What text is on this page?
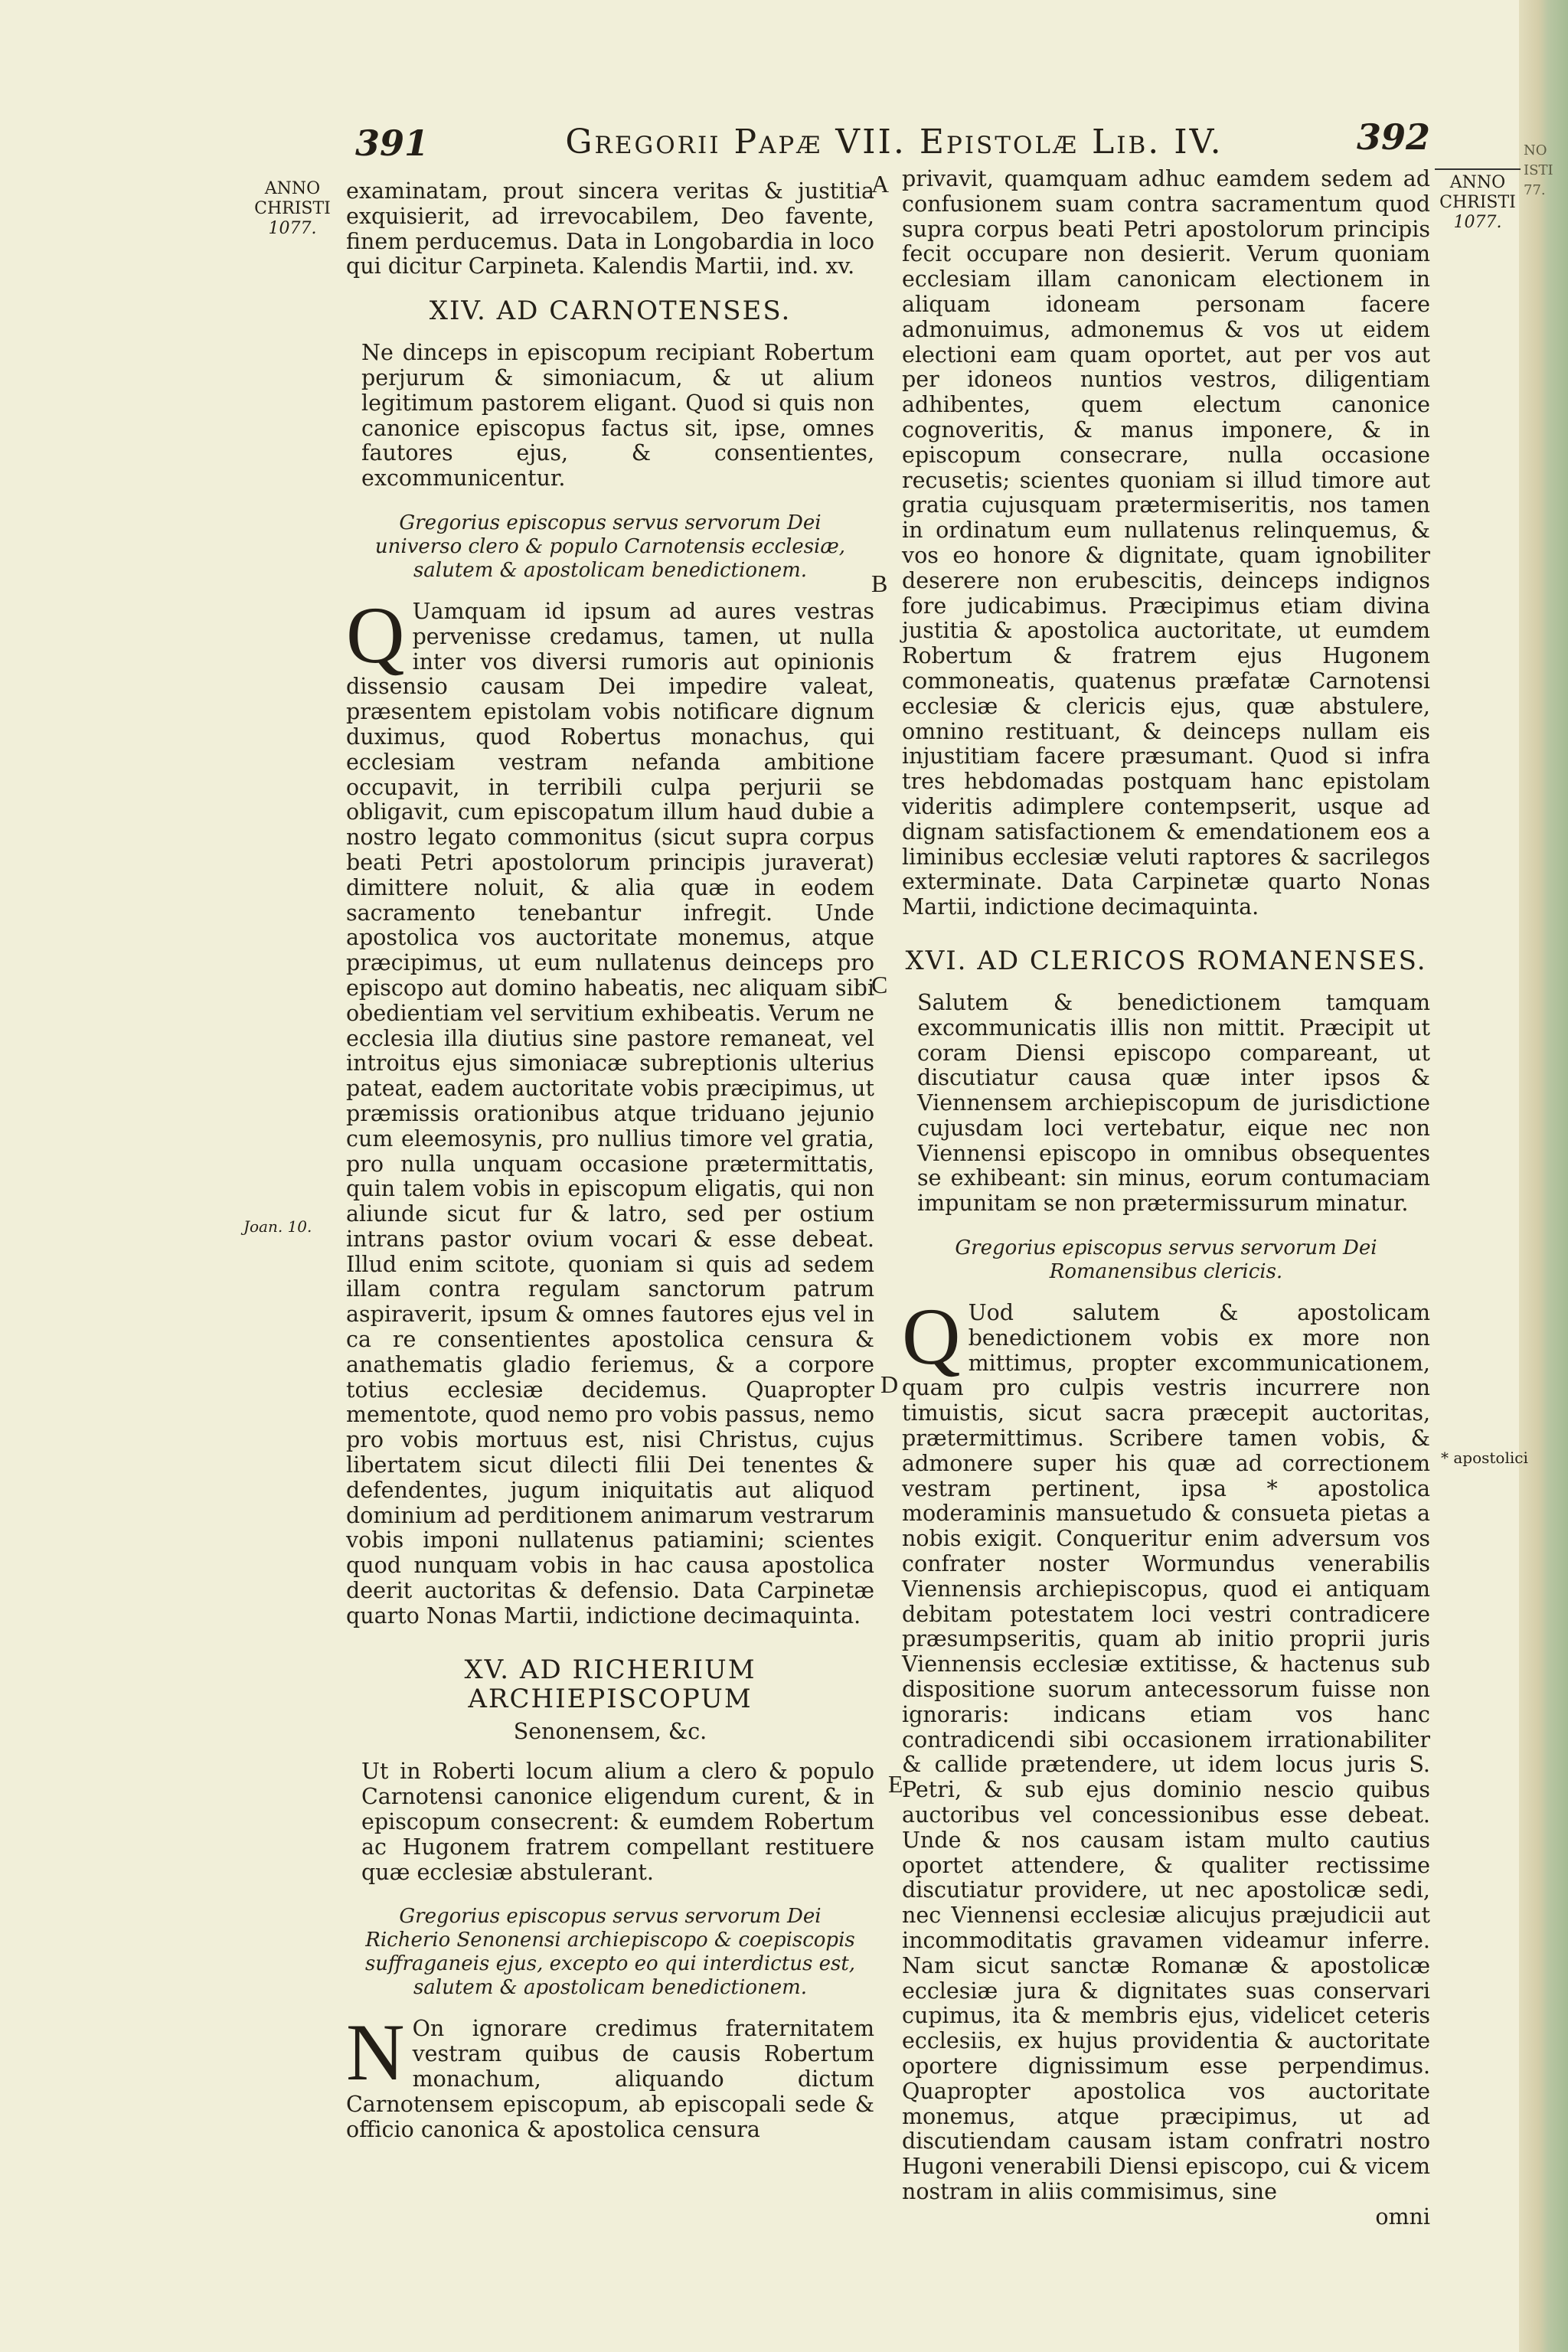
NO
ISTI
77.
391	Gregorii Papæ VII. Epistolæ Lib. IV.	392
ANNO
CHRISTI
1077.
ANNO
CHRISTI
1077.
A
B
C
D
E
Joan. 10.
* apostolici

examinatam, prout sincera veritas & justitia exquisierit, ad irrevocabilem, Deo favente, finem perducemus. Data in Longobardia in loco qui dicitur Carpineta. Kalendis Martii, ind. xv.

XIV. AD CARNOTENSES.

Ne dinceps in episcopum recipiant Robertum perjurum & simoniacum, & ut alium legitimum pastorem eligant. Quod si quis non canonice episcopus factus sit, ipse, omnes fautores ejus, & consentientes, excommunicentur.

Gregorius episcopus servus servorum Dei universo clero & populo Carnotensis ecclesiæ, salutem & apostolicam benedictionem.

Q Uamquam id ipsum ad aures vestras pervenisse credamus, tamen, ut nulla inter vos diversi rumoris aut opinionis dissensio causam Dei impedire valeat, præsentem epistolam vobis notificare dignum duximus, quod Robertus monachus, qui ecclesiam vestram nefanda ambitione occupavit, in terribili culpa perjurii se obligavit, cum episcopatum illum haud dubie a nostro legato commonitus (sicut supra corpus beati Petri apostolorum principis juraverat) dimittere noluit, & alia quæ in eodem sacramento tenebantur infregit. Unde apostolica vos auctoritate monemus, atque præcipimus, ut eum nullatenus deinceps pro episcopo aut domino habeatis, nec aliquam sibi obedientiam vel servitium exhibeatis. Verum ne ecclesia illa diutius sine pastore remaneat, vel introitus ejus simoniacæ subreptionis ulterius pateat, eadem auctoritate vobis præcipimus, ut præmissis orationibus atque triduano jejunio cum eleemosynis, pro nullius timore vel gratia, pro nulla unquam occasione prætermittatis, quin talem vobis in episcopum eligatis, qui non aliunde sicut fur & latro, sed per ostium intrans pastor ovium vocari & esse debeat. Illud enim scitote, quoniam si quis ad sedem illam contra regulam sanctorum patrum aspiraverit, ipsum & omnes fautores ejus vel in ca re consentientes apostolica censura & anathematis gladio feriemus, & a corpore totius ecclesiæ decidemus. Quapropter mementote, quod nemo pro vobis passus, nemo pro vobis mortuus est, nisi Christus, cujus libertatem sicut dilecti filii Dei tenentes & defendentes, jugum iniquitatis aut aliquod dominium ad perditionem animarum vestrarum vobis imponi nullatenus patiamini; scientes quod nunquam vobis in hac causa apostolica deerit auctoritas & defensio. Data Carpinetæ quarto Nonas Martii, indictione decimaquinta.

XV. AD RICHERIUM ARCHIEPISCOPUM
Senonensem, &c.

Ut in Roberti locum alium a clero & populo Carnotensi canonice eligendum curent, & in episcopum consecrent: & eumdem Robertum ac Hugonem fratrem compellant restituere quæ ecclesiæ abstulerant.

Gregorius episcopus servus servorum Dei Richerio Senonensi archiepiscopo & coepiscopis suffraganeis ejus, excepto eo qui interdictus est, salutem & apostolicam benedictionem.

N On ignorare credimus fraternitatem vestram quibus de causis Robertum monachum, aliquando dictum Carnotensem episcopum, ab episcopali sede & officio canonica & apostolica censura

privavit, quamquam adhuc eamdem sedem ad confusionem suam contra sacramentum quod supra corpus beati Petri apostolorum principis fecit occupare non desierit. Verum quoniam ecclesiam illam canonicam electionem in aliquam idoneam personam facere admonuimus, admonemus & vos ut eidem electioni eam quam oportet, aut per vos aut per idoneos nuntios vestros, diligentiam adhibentes, quem electum canonice cognoveritis, & manus imponere, & in episcopum consecrare, nulla occasione recusetis; scientes quoniam si illud timore aut gratia cujusquam prætermiseritis, nos tamen in ordinatum eum nullatenus relinquemus, & vos eo honore & dignitate, quam ignobiliter deserere non erubescitis, deinceps indignos fore judicabimus. Præcipimus etiam divina justitia & apostolica auctoritate, ut eumdem Robertum & fratrem ejus Hugonem commoneatis, quatenus præfatæ Carnotensi ecclesiæ & clericis ejus, quæ abstulere, omnino restituant, & deinceps nullam eis injustitiam facere præsumant. Quod si infra tres hebdomadas postquam hanc epistolam videritis adimplere contempserit, usque ad dignam satisfactionem & emendationem eos a liminibus ecclesiæ veluti raptores & sacrilegos exterminate. Data Carpinetæ quarto Nonas Martii, indictione decimaquinta.

XVI. AD CLERICOS ROMANENSES.

Salutem & benedictionem tamquam excommunicatis illis non mittit. Præcipit ut coram Diensi episcopo compareant, ut discutiatur causa quæ inter ipsos & Viennensem archiepiscopum de jurisdictione cujusdam loci vertebatur, eique nec non Viennensi episcopo in omnibus obsequentes se exhibeant: sin minus, eorum contumaciam impunitam se non prætermissurum minatur.

Gregorius episcopus servus servorum Dei Romanensibus clericis.

Q Uod salutem & apostolicam benedictionem vobis ex more non mittimus, propter excommunicationem, quam pro culpis vestris incurrere non timuistis, sicut sacra præcepit auctoritas, prætermittimus. Scribere tamen vobis, & admonere super his quæ ad correctionem vestram pertinent, ipsa * apostolica moderaminis mansuetudo & consueta pietas a nobis exigit. Conqueritur enim adversum vos confrater noster Wormundus venerabilis Viennensis archiepiscopus, quod ei antiquam debitam potestatem loci vestri contradicere præsumpseritis, quam ab initio proprii juris Viennensis ecclesiæ extitisse, & hactenus sub dispositione suorum antecessorum fuisse non ignoraris: indicans etiam vos hanc contradicendi sibi occasionem irrationabiliter & callide prætendere, ut idem locus juris S. Petri, & sub ejus dominio nescio quibus auctoribus vel concessionibus esse debeat. Unde & nos causam istam multo cautius oportet attendere, & qualiter rectissime discutiatur providere, ut nec apostolicæ sedi, nec Viennensi ecclesiæ alicujus præjudicii aut incommoditatis gravamen videamur inferre. Nam sicut sanctæ Romanæ & apostolicæ ecclesiæ jura & dignitates suas conservari cupimus, ita & membris ejus, videlicet ceteris ecclesiis, ex hujus providentia & auctoritate oportere dignissimum esse perpendimus. Quapropter apostolica vos auctoritate monemus, atque præcipimus, ut ad discutiendam causam istam confratri nostro Hugoni venerabili Diensi episcopo, cui & vicem nostram in aliis commisimus, sine

omni
